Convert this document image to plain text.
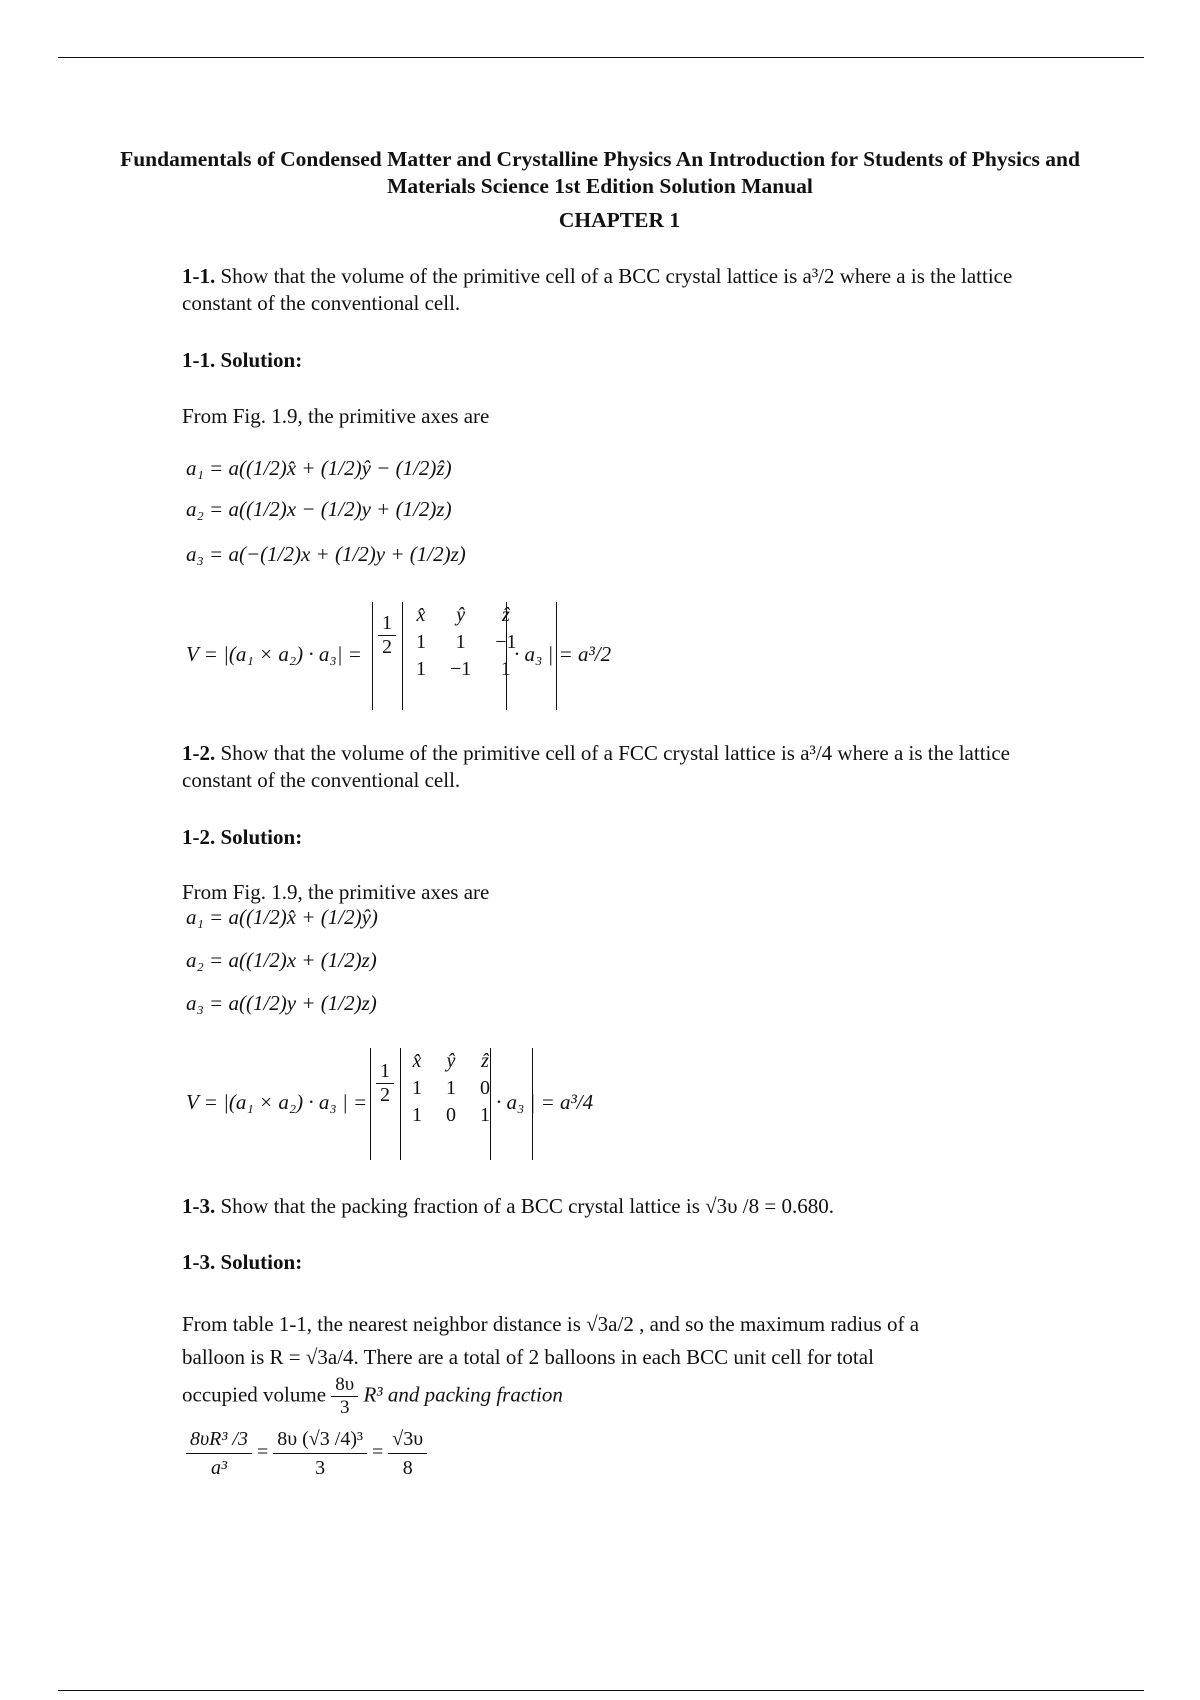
Fundamentals of Condensed Matter and Crystalline Physics An Introduction for Students of Physics and Materials Science 1st Edition Solution Manual
CHAPTER 1
1-1. Show that the volume of the primitive cell of a BCC crystal lattice is a³/2 where a is the lattice constant of the conventional cell.
1-1. Solution:
From Fig. 1.9, the primitive axes are
a₁ = a((1/2)x̂ + (1/2)ŷ − (1/2)ẑ)
a₂ = a((1/2)x − (1/2)y + (1/2)z)
a₃ = a(−(1/2)x + (1/2)y + (1/2)z)
$V = |(a_1 \times a_2) \cdot a_3| = \frac{1}{2}$ x̂	ŷ	ẑ
1	1	−1
1	−1	1
· a₃ | = a³/2
1-2. Show that the volume of the primitive cell of a FCC crystal lattice is a³/4 where a is the lattice constant of the conventional cell.
1-2. Solution:
From Fig. 1.9, the primitive axes are
a₁ = a((1/2)x̂ + (1/2)ŷ)
a₂ = a((1/2)x + (1/2)z)
a₃ = a((1/2)y + (1/2)z)
V = |(a₁ × a₂) · a₃ | = $\frac{1}{2}$ x̂	ŷ	ẑ
1	1	0
1	0	1
· a₃ | = a³/4
1-3. Show that the packing fraction of a BCC crystal lattice is √3υ /8 = 0.680.
1-3. Solution:
From table 1-1, the nearest neighbor distance is √3a/2 , and so the maximum radius of a
balloon is R = √3a/4. There are a total of 2 balloons in each BCC unit cell for total
occupied volume $\frac{8\upsilon}{3} R^3$ and packing fraction
$\frac{\text{8υR³ /3}}{\text{a³}} = \frac{\text{8υ (√3 /4)³}}{3} = \frac{√3\upsilon}{8}$
